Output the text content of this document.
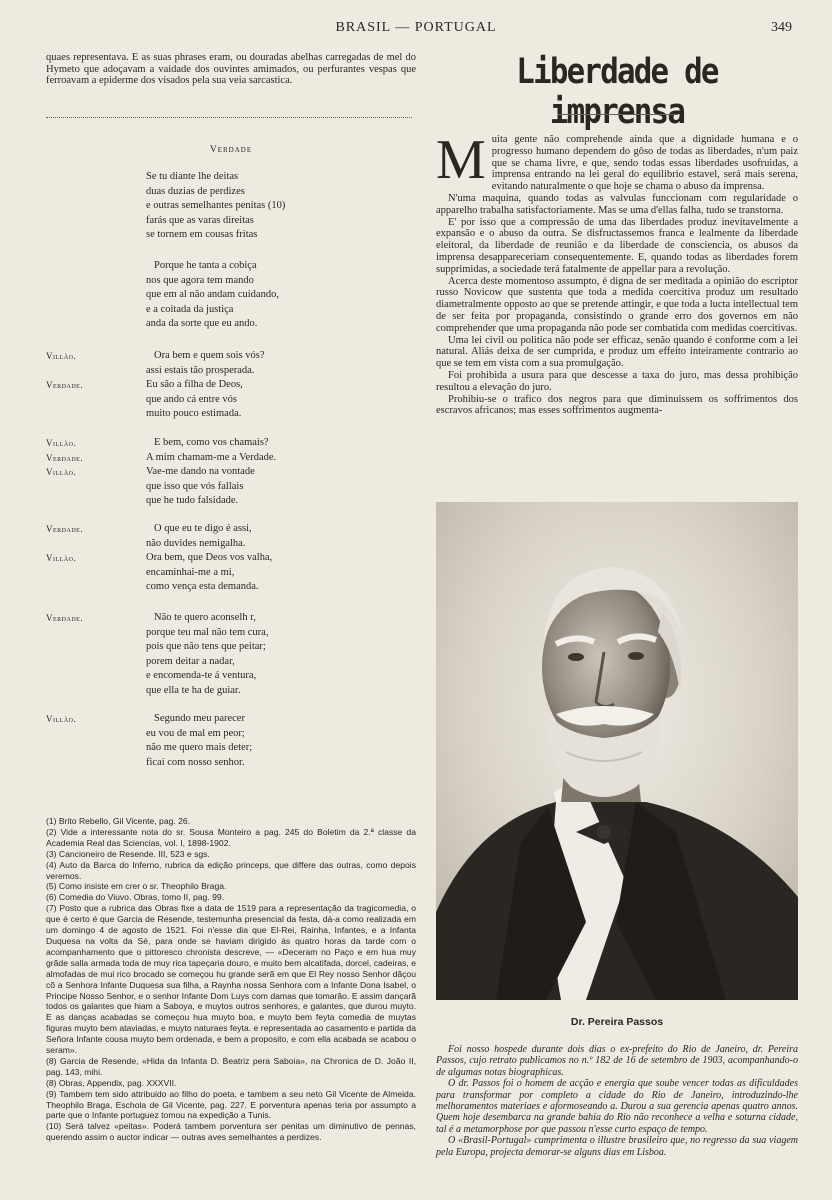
BRASIL — PORTUGAL	349

quaes representava. E as suas phrases eram, ou douradas abelhas carregadas de mel do Hymeto que adoçavam a vaidade dos ouvintes amimados, ou perfurantes vespas que ferroavam a epiderme dos visados pela sua veia sarcastica.

Verdade
Se tu diante lhe deitas
duas duzias de perdizes
e outras semelhantes penitas (10)
farás que as varas direitas
se tornem em cousas fritas
Porque he tanta a cobiça
nos que agora tem mando
que em al não andam cuidando,
e a coitada da justiça
anda da sorte que eu ando.
Villão.	Ora bem e quem sois vós?
assi estais tão prosperada.
Verdade.	Eu são a filha de Deos,
que ando cá entre vós
muito pouco estimada.
Villão.	E bem, como vos chamais?
Verdade.	A mim chamam-me a Verdade.
Villão.	Vae-me dando na vontade
que isso que vós fallais
que he tudo falsidade.
Verdade.	O que eu te digo é assi,
não duvides nemigalha.
Villão.	Ora bem, que Deos vos valha,
encaminhai-me a mi,
como vença esta demanda.
Verdade.	Não te quero aconselh r,
porque teu mal não tem cura,
pois que não tens que peitar;
porem deitar a nadar,
e encomenda-te á ventura,
que ella te ha de guiar.
Villão.	Segundo meu parecer
eu vou de mal em peor;
não me quero mais deter;
ficai com nosso senhor.

(1) Brito Rebello, Gil Vicente, pag. 26.

(2) Vide a interessante nota do sr. Sousa Monteiro a pag. 245 do Boletim da 2.ª classe da Academia Real das Sciencias, vol. I, 1898-1902.

(3) Cancioneiro de Resende. III, 523 e sgs.

(4) Auto da Barca do Inferno, rubrica da edição princeps, que differe das outras, como depois veremos.

(5) Como insiste em crer o sr. Theophilo Braga.

(6) Comedia do Viuvo. Obras, tomo II, pag. 99.

(7) Posto que a rubrica das Obras fixe a data de 1519 para a representação da tragicomedia, o que é certo é que Garcia de Resende, testemunha presencial da festa, dá-a como realizada em um domingo 4 de agosto de 1521. Foi n'esse dia que El-Rei, Rainha, Infantes, e a Infanta Duquesa na volta da Sé, para onde se haviam dirigido ás quatro horas da tarde com o acompanhamento que o pittoresco chronista descreve, — «Deceram no Paço e em hua muy grãde salla armada toda de muy rica tapeçaria douro, e muito bem alcatifada, dorcel, cadeiras, e almofadas de mui rico brocado se começou hu grande serã em que El Rey nosso Senhor dãçou cõ a Senhora Infante Duquesa sua filha, a Raynha nossa Senhora com a Infante Dona Isabel, o Principe Nosso Senhor, e o senhor Infante Dom Luys com damas que tomarão. E assim dançarã todos os galantes que hiam a Saboya, e muytos outros senhores, e galantes, que durou muyto. E as danças acabadas se começou hua muyto boa, e muyto bem feyta comedia de muytas figuras muyto bem ataviadas, e muyto naturaes feyta. e representada ao casamento e partida da Señora Infante cousa muyto bem ordenada, e bem a proposito, e com ella acabada se acabou o seram».

(8) Garcia de Resende, «Hida da Infanta D. Beatriz pera Saboia», na Chronica de D. João II, pag. 143, mihi.

(8) Obras, Appendix, pag. XXXVII.

(9) Tambem tem sido attribuido ao filho do poeta, e tambem a seu neto Gil Vicente de Almeida. Theophilo Braga, Eschola de Gil Vicente, pag. 227. E porventura apenas teria por assumpto a parte que o Infante portuguez tomou na expedição a Tunis.

(10) Será talvez «peitas». Poderá tambem porventura ser penitas um diminutivo de pennas, querendo assim o auctor indicar — outras aves semelhantes a perdizes.

Liberdade de imprensa

Muita gente não comprehende ainda que a dignidade humana e o progresso humano dependem do gôso de todas as liberdades, n'um paiz que se chama livre, e que, sendo todas essas liberdades usofruidas, a imprensa entrando na lei geral do equilibrio estavel, será mais serena, evitando naturalmente o que hoje se chama o abuso da imprensa.

N'uma maquina, quando todas as valvulas funccionam com regularidade o apparelho trabalha satisfactoriamente. Mas se uma d'ellas falha, tudo se transtorna.

E' por isso que a compressão de uma das liberdades produz inevitavelmente a expansão e o abuso da outra. Se disfructassemos franca e lealmente da liberdade eleitoral, da liberdade de reunião e da liberdade de consciencia, os abusos da imprensa desappareceriam consequentemente. E, quando todas as liberdades forem supprimidas, a sociedade terá fatalmente de appellar para a revolução.

Acerca deste momentoso assumpto, é digna de ser meditada a opinião do escriptor russo Novicow que sustenta que toda a medida coercitiva produz um resultado diametralmente opposto ao que se pretende attingir, e que toda a lucta intellectual tem de ser feita por propaganda, consistindo o grande erro dos governos em não comprehender que uma propaganda não pode ser combatida com medidas coercitivas.

Uma lei civil ou politica não pode ser efficaz, senão quando é conforme com a lei natural. Aliás deixa de ser cumprida, e produz um effeito inteiramente contrario ao que se tem em vista com a sua promulgação.

Foi prohibida a usura para que descesse a taxa do juro, mas dessa prohibição resultou a elevação do juro.

Prohibiu-se o trafico dos negros para que diminuissem os soffrimentos dos escravos africanos; mas esses soffrimentos augmenta-

Dr. Pereira Passos

Foi nosso hospede durante dois dias o ex-prefeito do Rio de Janeiro, dr. Pereira Passos, cujo retrato publicamos no n.º 182 de 16 de setembro de 1903, acompanhando-o de algumas notas biographicas.

O dr. Passos foi o homem de acção e energia que soube vencer todas as dificuldades para transformar por completo a cidade do Rio de Janeiro, introduzindo-lhe melhoramentos materiaes e aformoseando a. Durou a sua gerencia apenas quatro annos. Quem hoje desembarca na grande bahia do Rio não reconhece a velha e soturna cidade, tal é a metamorphose por que passou n'esse curto espaço de tempo.

O «Brasil-Portugal» cumprimenta o illustre brasileiro que, no regresso da sua viagem pela Europa, projecta demorar-se alguns dias em Lisboa.
